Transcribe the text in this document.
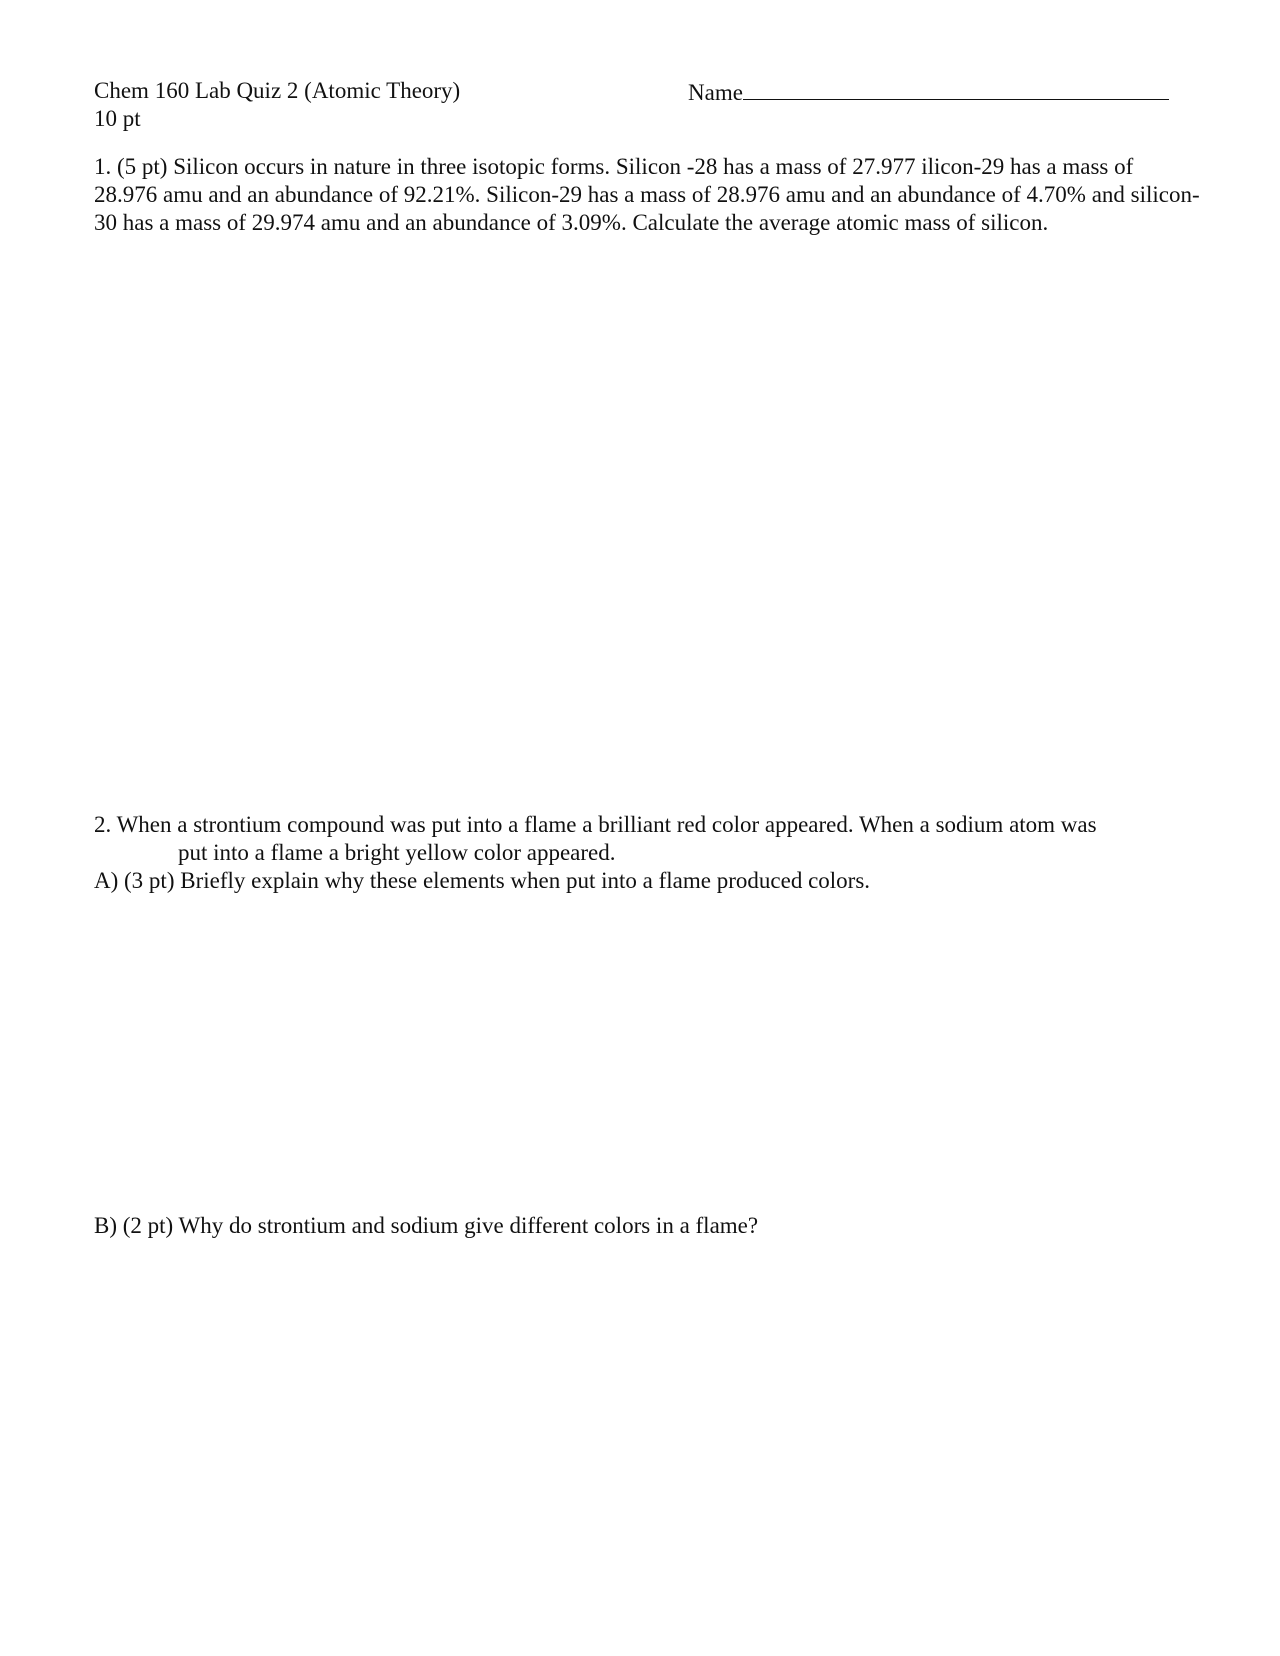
Chem 160 Lab Quiz 2 (Atomic Theory)	Name
10 pt

1. (5 pt) Silicon occurs in nature in three isotopic forms. Silicon -28 has a mass of 27.977 ilicon-29 has a mass of 28.976 amu and an abundance of 92.21%. Silicon-29 has a mass of 28.976 amu and an abundance of 4.70% and silicon-30 has a mass of 29.974 amu and an abundance of 3.09%. Calculate the average atomic mass of silicon.

2. When a strontium compound was put into a flame a brilliant red color appeared. When a sodium atom was
put into a flame a bright yellow color appeared.

A) (3 pt) Briefly explain why these elements when put into a flame produced colors.

B) (2 pt) Why do strontium and sodium give different colors in a flame?
